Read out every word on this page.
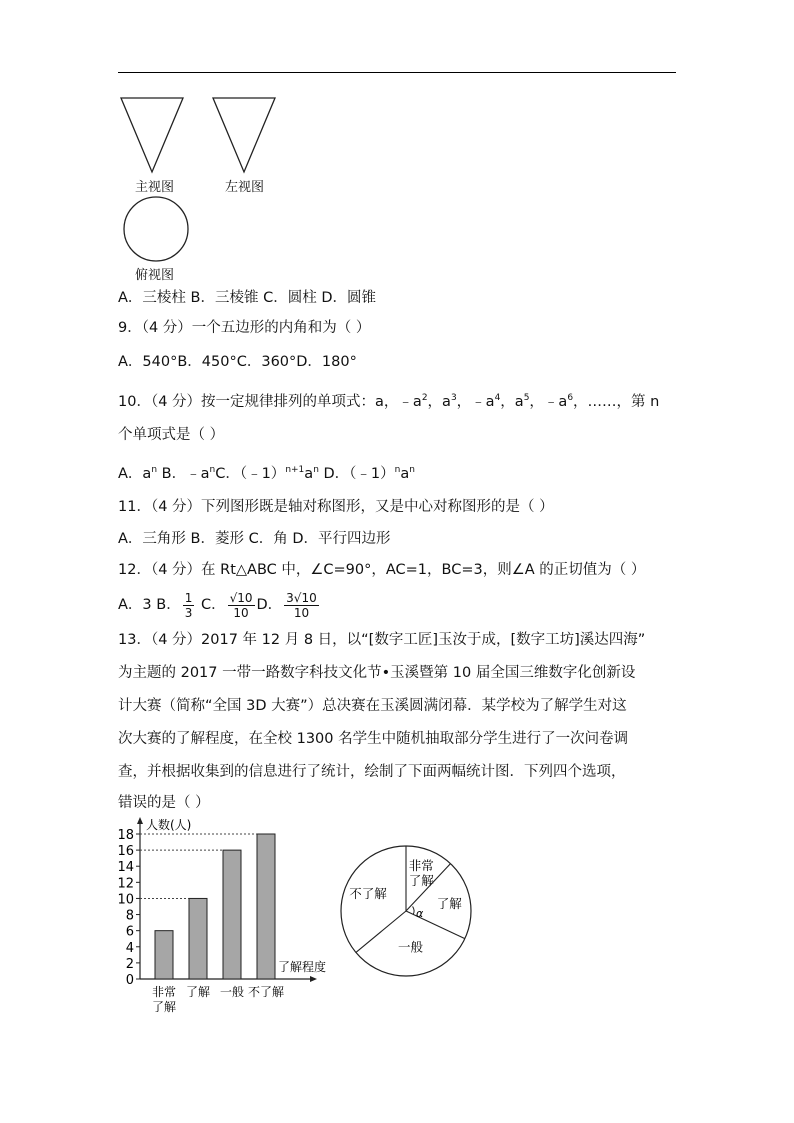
主视图	左视图
俯视图
A．三棱柱 B．三棱锥 C．圆柱 D．圆锥
9．（4 分）一个五边形的内角和为（ ）
A．540°B．450°C．360°D．180°
10．（4 分）按一定规律排列的单项式：a，$﹣a^2$，$a^3$，$﹣a^4$，$a^5$，$﹣a^6$，……，第 n
个单项式是（ ）
A．$a^n$ B．$﹣a^nC$．$(﹣1)^{n+1}a^n$ D．$(﹣1)^na^n$
11．（4 分）下列图形既是轴对称图形，又是中心对称图形的是（ ）
A．三角形 B．菱形 C．角 D．平行四边形
12．（4 分）在 Rt△ABC 中，∠C=90°，AC=1，BC=3，则∠A 的正切值为（ ）
A．3 B． $\frac{1}{3}$ C． $\frac{√10}{10}$ D． $\frac{3√10}{10}$
13．（4 分）2017 年 12 月 8 日，以“[数字工匠]玉汝于成，[数字工坊]溪达四海”
为主题的 2017 一带一路数字科技文化节•玉溪暨第 10 届全国三维数字化创新设
计大赛（简称“全国 3D 大赛”）总决赛在玉溪圆满闭幕．某学校为了解学生对这
次大赛的了解程度，在全校 1300 名学生中随机抽取部分学生进行了一次问卷调
查，并根据收集到的信息进行了统计，绘制了下面两幅统计图．下列四个选项，
错误的是（ ）
0
2
4
6
8
10
12
14
16
18
人数(人)
了解程度
非常
了解
了解 一般 不了解
非常
了解
了解
一般
不了解
α
